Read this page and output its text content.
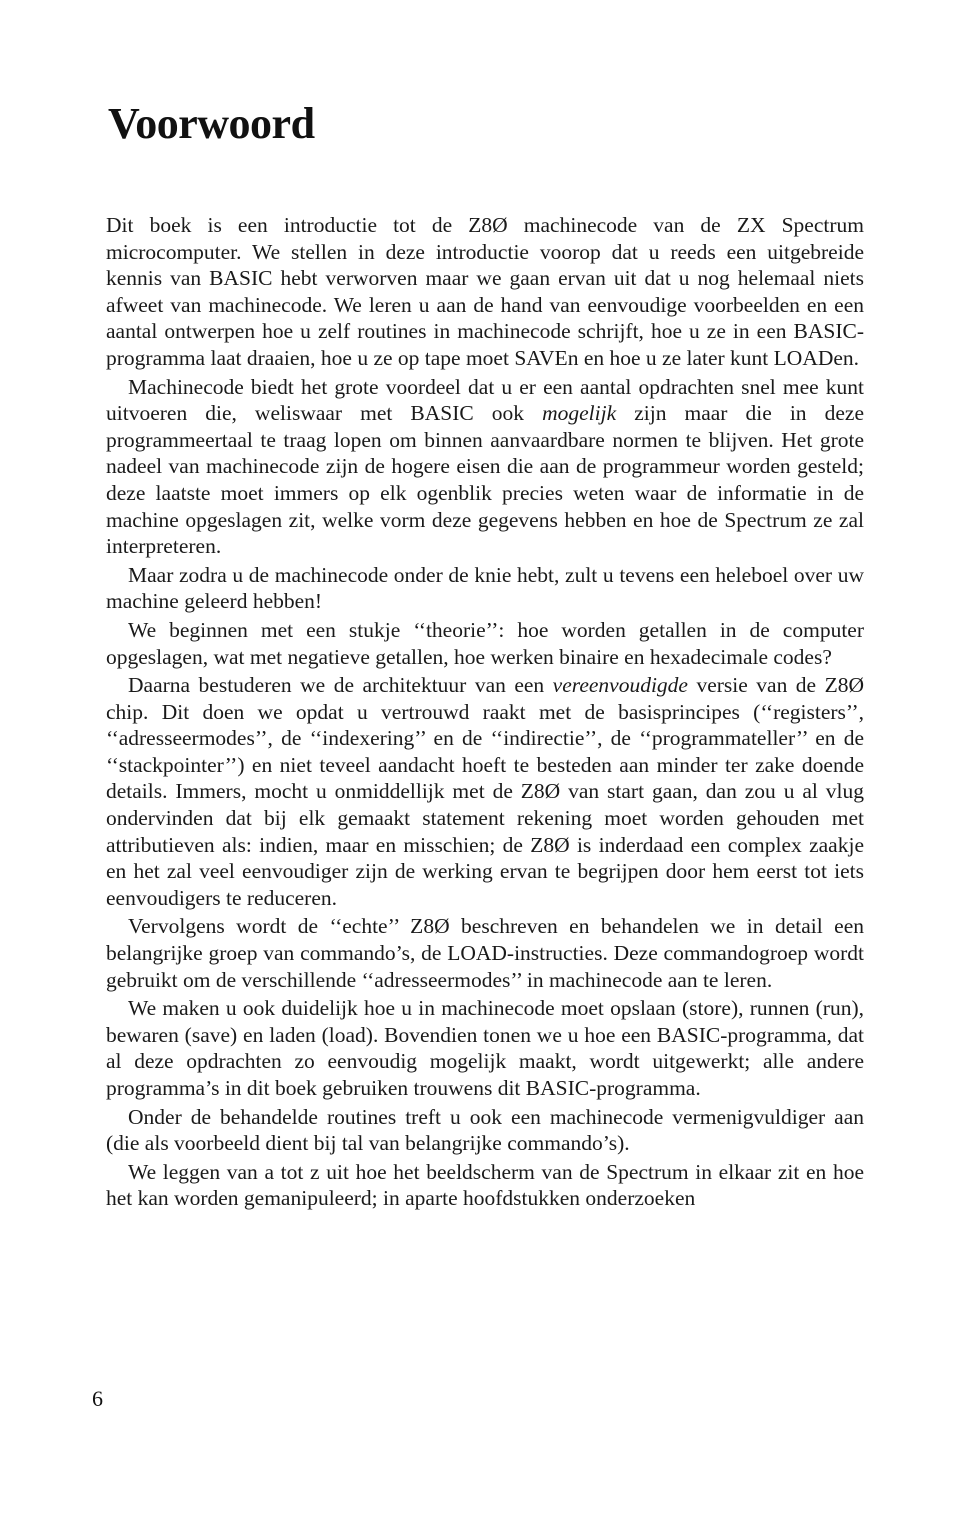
Voorwoord

Dit boek is een introductie tot de Z8Ø machinecode van de ZX Spectrum microcomputer. We stellen in deze introductie voorop dat u reeds een uitgebreide kennis van BASIC hebt verworven maar we gaan ervan uit dat u nog helemaal niets afweet van machinecode. We leren u aan de hand van eenvoudige voorbeelden en een aantal ontwerpen hoe u zelf routines in machinecode schrijft, hoe u ze in een BASIC-programma laat draaien, hoe u ze op tape moet SAVEn en hoe u ze later kunt LOADen.

Machinecode biedt het grote voordeel dat u er een aantal opdrachten snel mee kunt uitvoeren die, weliswaar met BASIC ook mogelijk zijn maar die in deze programmeertaal te traag lopen om binnen aanvaardbare normen te blijven. Het grote nadeel van machinecode zijn de hogere eisen die aan de programmeur worden gesteld; deze laatste moet immers op elk ogenblik precies weten waar de informatie in de machine opgeslagen zit, welke vorm deze gegevens hebben en hoe de Spectrum ze zal interpreteren.

Maar zodra u de machinecode onder de knie hebt, zult u tevens een heleboel over uw machine geleerd hebben!

We beginnen met een stukje ‘‘theorie’’: hoe worden getallen in de computer opgeslagen, wat met negatieve getallen, hoe werken binaire en hexadecimale codes?

Daarna bestuderen we de architektuur van een vereenvoudigde versie van de Z8Ø chip. Dit doen we opdat u vertrouwd raakt met de basisprincipes (‘‘registers’’, ‘‘adresseermodes’’, de ‘‘indexering’’ en de ‘‘indirectie’’, de ‘‘programmateller’’ en de ‘‘stackpointer’’) en niet teveel aandacht hoeft te besteden aan minder ter zake doende details. Immers, mocht u onmiddellijk met de Z8Ø van start gaan, dan zou u al vlug ondervinden dat bij elk gemaakt statement rekening moet worden gehouden met attributieven als: indien, maar en misschien; de Z8Ø is inderdaad een complex zaakje en het zal veel eenvoudiger zijn de werking ervan te begrijpen door hem eerst tot iets eenvoudigers te reduceren.

Vervolgens wordt de ‘‘echte’’ Z8Ø beschreven en behandelen we in detail een belangrijke groep van commando’s, de LOAD-instructies. Deze commandogroep wordt gebruikt om de verschillende ‘‘adresseermodes’’ in machinecode aan te leren.

We maken u ook duidelijk hoe u in machinecode moet opslaan (store), runnen (run), bewaren (save) en laden (load). Bovendien tonen we u hoe een BASIC-programma, dat al deze opdrachten zo eenvoudig mogelijk maakt, wordt uitgewerkt; alle andere programma’s in dit boek gebruiken trouwens dit BASIC-programma.

Onder de behandelde routines treft u ook een machinecode vermenigvuldiger aan (die als voorbeeld dient bij tal van belangrijke commando’s).

We leggen van a tot z uit hoe het beeldscherm van de Spectrum in elkaar zit en hoe het kan worden gemanipuleerd; in aparte hoofdstukken onderzoeken

6
